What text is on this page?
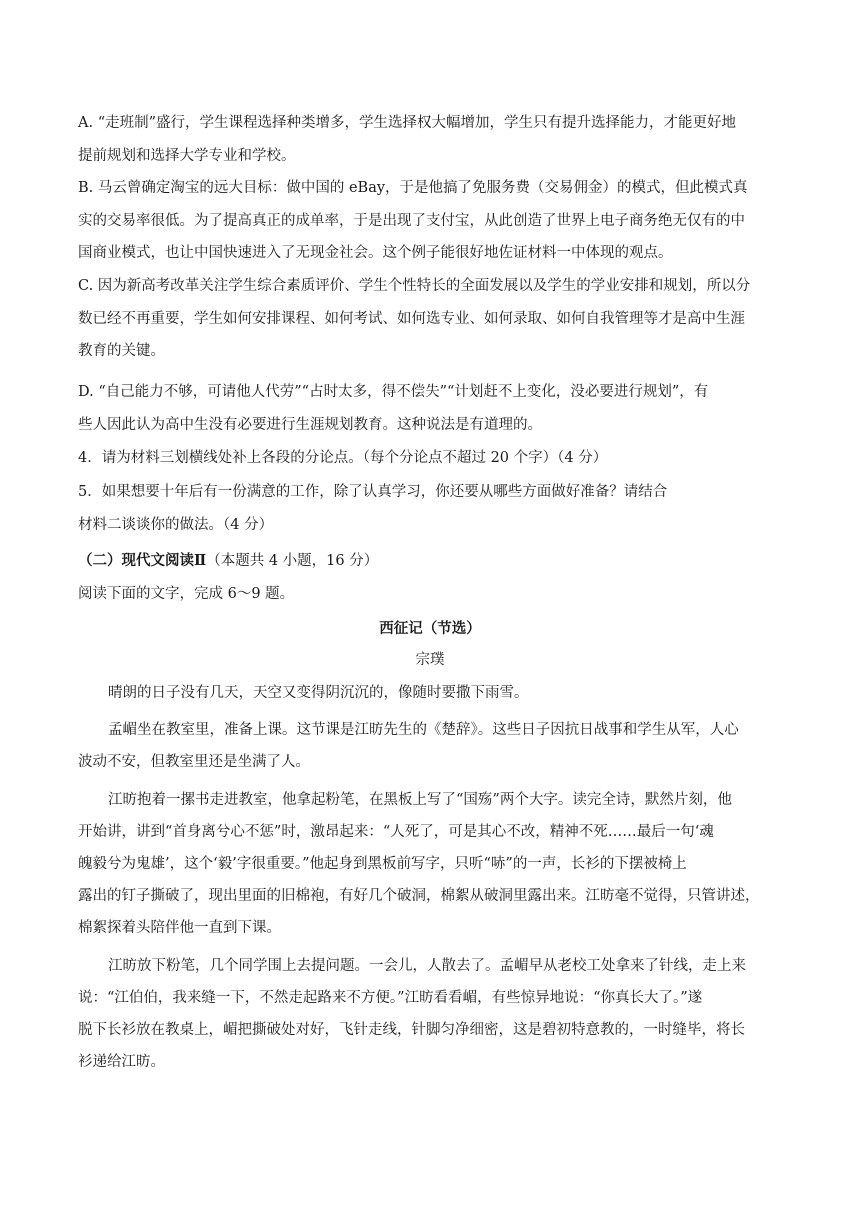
A. “走班制”盛行，学生课程选择种类增多，学生选择权大幅增加，学生只有提升选择能力，才能更好地
提前规划和选择大学专业和学校。
B. 马云曾确定淘宝的远大目标：做中国的 eBay，于是他搞了免服务费（交易佣金）的模式，但此模式真
实的交易率很低。为了提高真正的成单率，于是出现了支付宝，从此创造了世界上电子商务绝无仅有的中
国商业模式，也让中国快速进入了无现金社会。这个例子能很好地佐证材料一中体现的观点。
C. 因为新高考改革关注学生综合素质评价、学生个性特长的全面发展以及学生的学业安排和规划，所以分
数已经不再重要，学生如何安排课程、如何考试、如何选专业、如何录取、如何自我管理等才是高中生涯
教育的关键。
D. “自己能力不够，可请他人代劳”“占时太多，得不偿失”“计划赶不上变化，没必要进行规划”，有
些人因此认为高中生没有必要进行生涯规划教育。这种说法是有道理的。
4．请为材料三划横线处补上各段的分论点。（每个分论点不超过 20 个字）（4 分）
5．如果想要十年后有一份满意的工作，除了认真学习，你还要从哪些方面做好准备？请结合
材料二谈谈你的做法。（4 分）
（二）现代文阅读Ⅱ（本题共 4 小题，16 分）
阅读下面的文字，完成 6～9 题。
西征记（节选）
宗璞
晴朗的日子没有几天，天空又变得阴沉沉的，像随时要撒下雨雪。
孟嵋坐在教室里，准备上课。这节课是江昉先生的《楚辞》。这些日子因抗日战事和学生从军，人心
波动不安，但教室里还是坐满了人。
江昉抱着一摞书走进教室，他拿起粉笔，在黑板上写了“国殇”两个大字。读完全诗，默然片刻，他
开始讲，讲到“首身离兮心不惩”时，激昂起来：“人死了，可是其心不改，精神不死……最后一句‘魂
魄毅兮为鬼雄’，这个‘毅’字很重要。”他起身到黑板前写字，只听“哧”的一声，长衫的下摆被椅上
露出的钉子撕破了，现出里面的旧棉袍，有好几个破洞，棉絮从破洞里露出来。江昉毫不觉得，只管讲述，
棉絮探着头陪伴他一直到下课。
江昉放下粉笔，几个同学围上去提问题。一会儿，人散去了。孟嵋早从老校工处拿来了针线，走上来
说：“江伯伯，我来缝一下，不然走起路来不方便。”江昉看看嵋，有些惊异地说：“你真长大了。”遂
脱下长衫放在教桌上，嵋把撕破处对好，飞针走线，针脚匀净细密，这是碧初特意教的，一时缝毕，将长
衫递给江昉。
